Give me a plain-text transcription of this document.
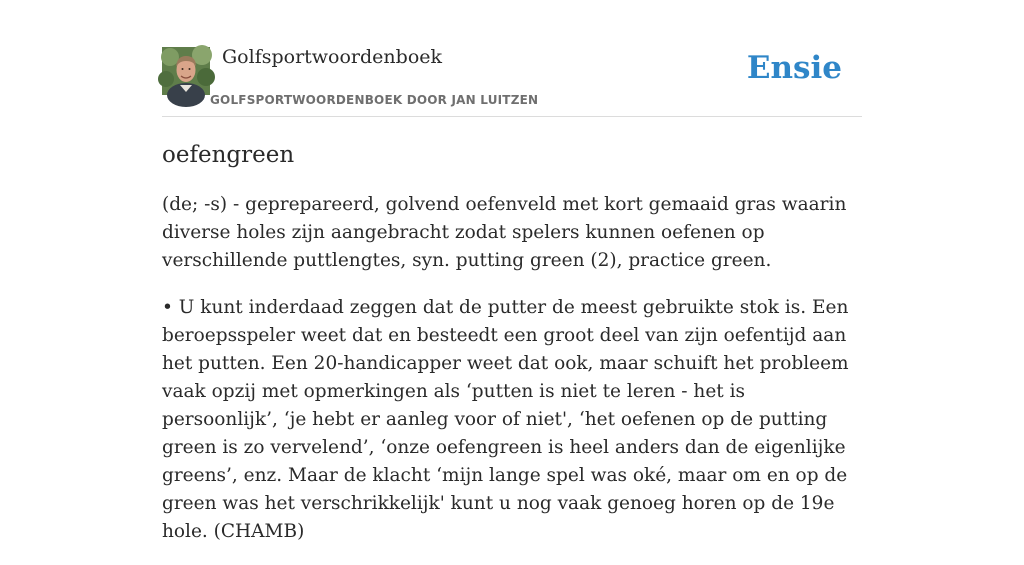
Golfsportwoordenboek
GOLFSPORTWOORDENBOEK DOOR JAN LUITZEN
Ensie
oefengreen

(de; -s) - geprepareerd, golvend oefenveld met kort gemaaid gras waarin diverse holes zijn aangebracht zodat spelers kunnen oefenen op verschillende puttlengtes, syn. putting green (2), practice green.

• U kunt inderdaad zeggen dat de putter de meest gebruikte stok is. Een beroepsspeler weet dat en besteedt een groot deel van zijn oefentijd aan het putten. Een 20-handicapper weet dat ook, maar schuift het probleem vaak opzij met opmerkingen als ‘putten is niet te leren - het is persoonlijk’, ‘je hebt er aanleg voor of niet', ‘het oefenen op de putting green is zo vervelend’, ‘onze oefengreen is heel anders dan de eigenlijke greens’, enz. Maar de klacht ‘mijn lange spel was oké, maar om en op de green was het verschrikkelijk' kunt u nog vaak genoeg horen op de 19e hole. (CHAMB)
